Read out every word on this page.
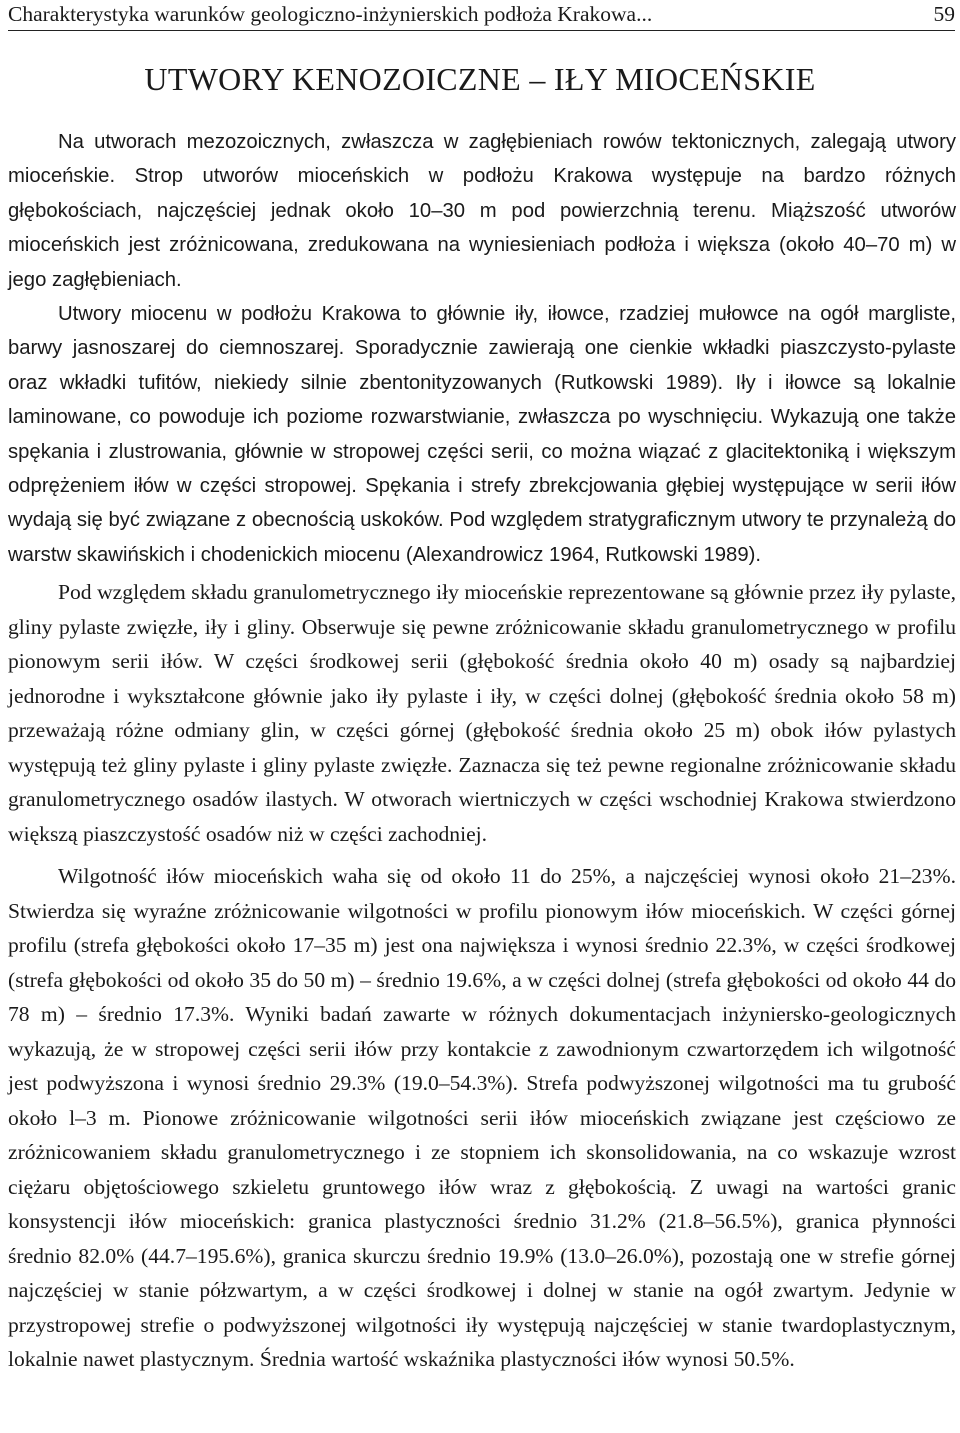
Charakterystyka warunków geologiczno-inżynierskich podłoża Krakowa...	59
UTWORY KENOZOICZNE – IŁY MIOCEŃSKIE

Na utworach mezozoicznych, zwłaszcza w zagłębieniach rowów tektonicznych, zalegają utwory mioceńskie. Strop utworów mioceńskich w podłożu Krakowa występuje na bardzo różnych głębokościach, najczęściej jednak około 10–30 m pod powierzchnią terenu. Miąższość utworów mioceńskich jest zróżnicowana, zredukowana na wyniesieniach podłoża i większa (około 40–70 m) w jego zagłębieniach.

Utwory miocenu w podłożu Krakowa to głównie iły, iłowce, rzadziej mułowce na ogół margliste, barwy jasnoszarej do ciemnoszarej. Sporadycznie zawierają one cienkie wkładki piaszczysto-pylaste oraz wkładki tufitów, niekiedy silnie zbentonityzowanych (Rutkowski 1989). Iły i iłowce są lokalnie laminowane, co powoduje ich poziome rozwarstwianie, zwłaszcza po wyschnięciu. Wykazują one także spękania i zlustrowania, głównie w stropowej części serii, co można wiązać z glacitektoniką i większym odprężeniem iłów w części stropowej. Spękania i strefy zbrekcjowania głębiej występujące w serii iłów wydają się być związane z obecnością uskoków. Pod względem stratygraficznym utwory te przynależą do warstw skawińskich i chodenickich miocenu (Alexandrowicz 1964, Rutkowski 1989).

Pod względem składu granulometrycznego iły mioceńskie reprezentowane są głównie przez iły pylaste, gliny pylaste zwięzłe, iły i gliny. Obserwuje się pewne zróżnicowanie składu granulometrycznego w profilu pionowym serii iłów. W części środkowej serii (głębokość średnia około 40 m) osady są najbardziej jednorodne i wykształcone głównie jako iły pylaste i iły, w części dolnej (głębokość średnia około 58 m) przeważają różne odmiany glin, w części górnej (głębokość średnia około 25 m) obok iłów pylastych występują też gliny pylaste i gliny pylaste zwięzłe. Zaznacza się też pewne regionalne zróżnicowanie składu granulometrycznego osadów ilastych. W otworach wiertniczych w części wschodniej Krakowa stwierdzono większą piaszczystość osadów niż w części zachodniej.

Wilgotność iłów mioceńskich waha się od około 11 do 25%, a najczęściej wynosi około 21–23%. Stwierdza się wyraźne zróżnicowanie wilgotności w profilu pionowym iłów mioceńskich. W części górnej profilu (strefa głębokości około 17–35 m) jest ona największa i wynosi średnio 22.3%, w części środkowej (strefa głębokości od około 35 do 50 m) – średnio 19.6%, a w części dolnej (strefa głębokości od około 44 do 78 m) – średnio 17.3%. Wyniki badań zawarte w różnych dokumentacjach inżyniersko-geologicznych wykazują, że w stropowej części serii iłów przy kontakcie z zawodnionym czwartorzędem ich wilgotność jest podwyższona i wynosi średnio 29.3% (19.0–54.3%). Strefa podwyższonej wilgotności ma tu grubość około l–3 m. Pionowe zróżnicowanie wilgotności serii iłów mioceńskich związane jest częściowo ze zróżnicowaniem składu granulometrycznego i ze stopniem ich skonsolidowania, na co wskazuje wzrost ciężaru objętościowego szkieletu gruntowego iłów wraz z głębokością. Z uwagi na wartości granic konsystencji iłów mioceńskich: granica plastyczności średnio 31.2% (21.8–56.5%), granica płynności średnio 82.0% (44.7–195.6%), granica skurczu średnio 19.9% (13.0–26.0%), pozostają one w strefie górnej najczęściej w stanie półzwartym, a w części środkowej i dolnej w stanie na ogół zwartym. Jedynie w przystropowej strefie o podwyższonej wilgotności iły występują najczęściej w stanie twardoplastycznym, lokalnie nawet plastycznym. Średnia wartość wskaźnika plastyczności iłów wynosi 50.5%.
